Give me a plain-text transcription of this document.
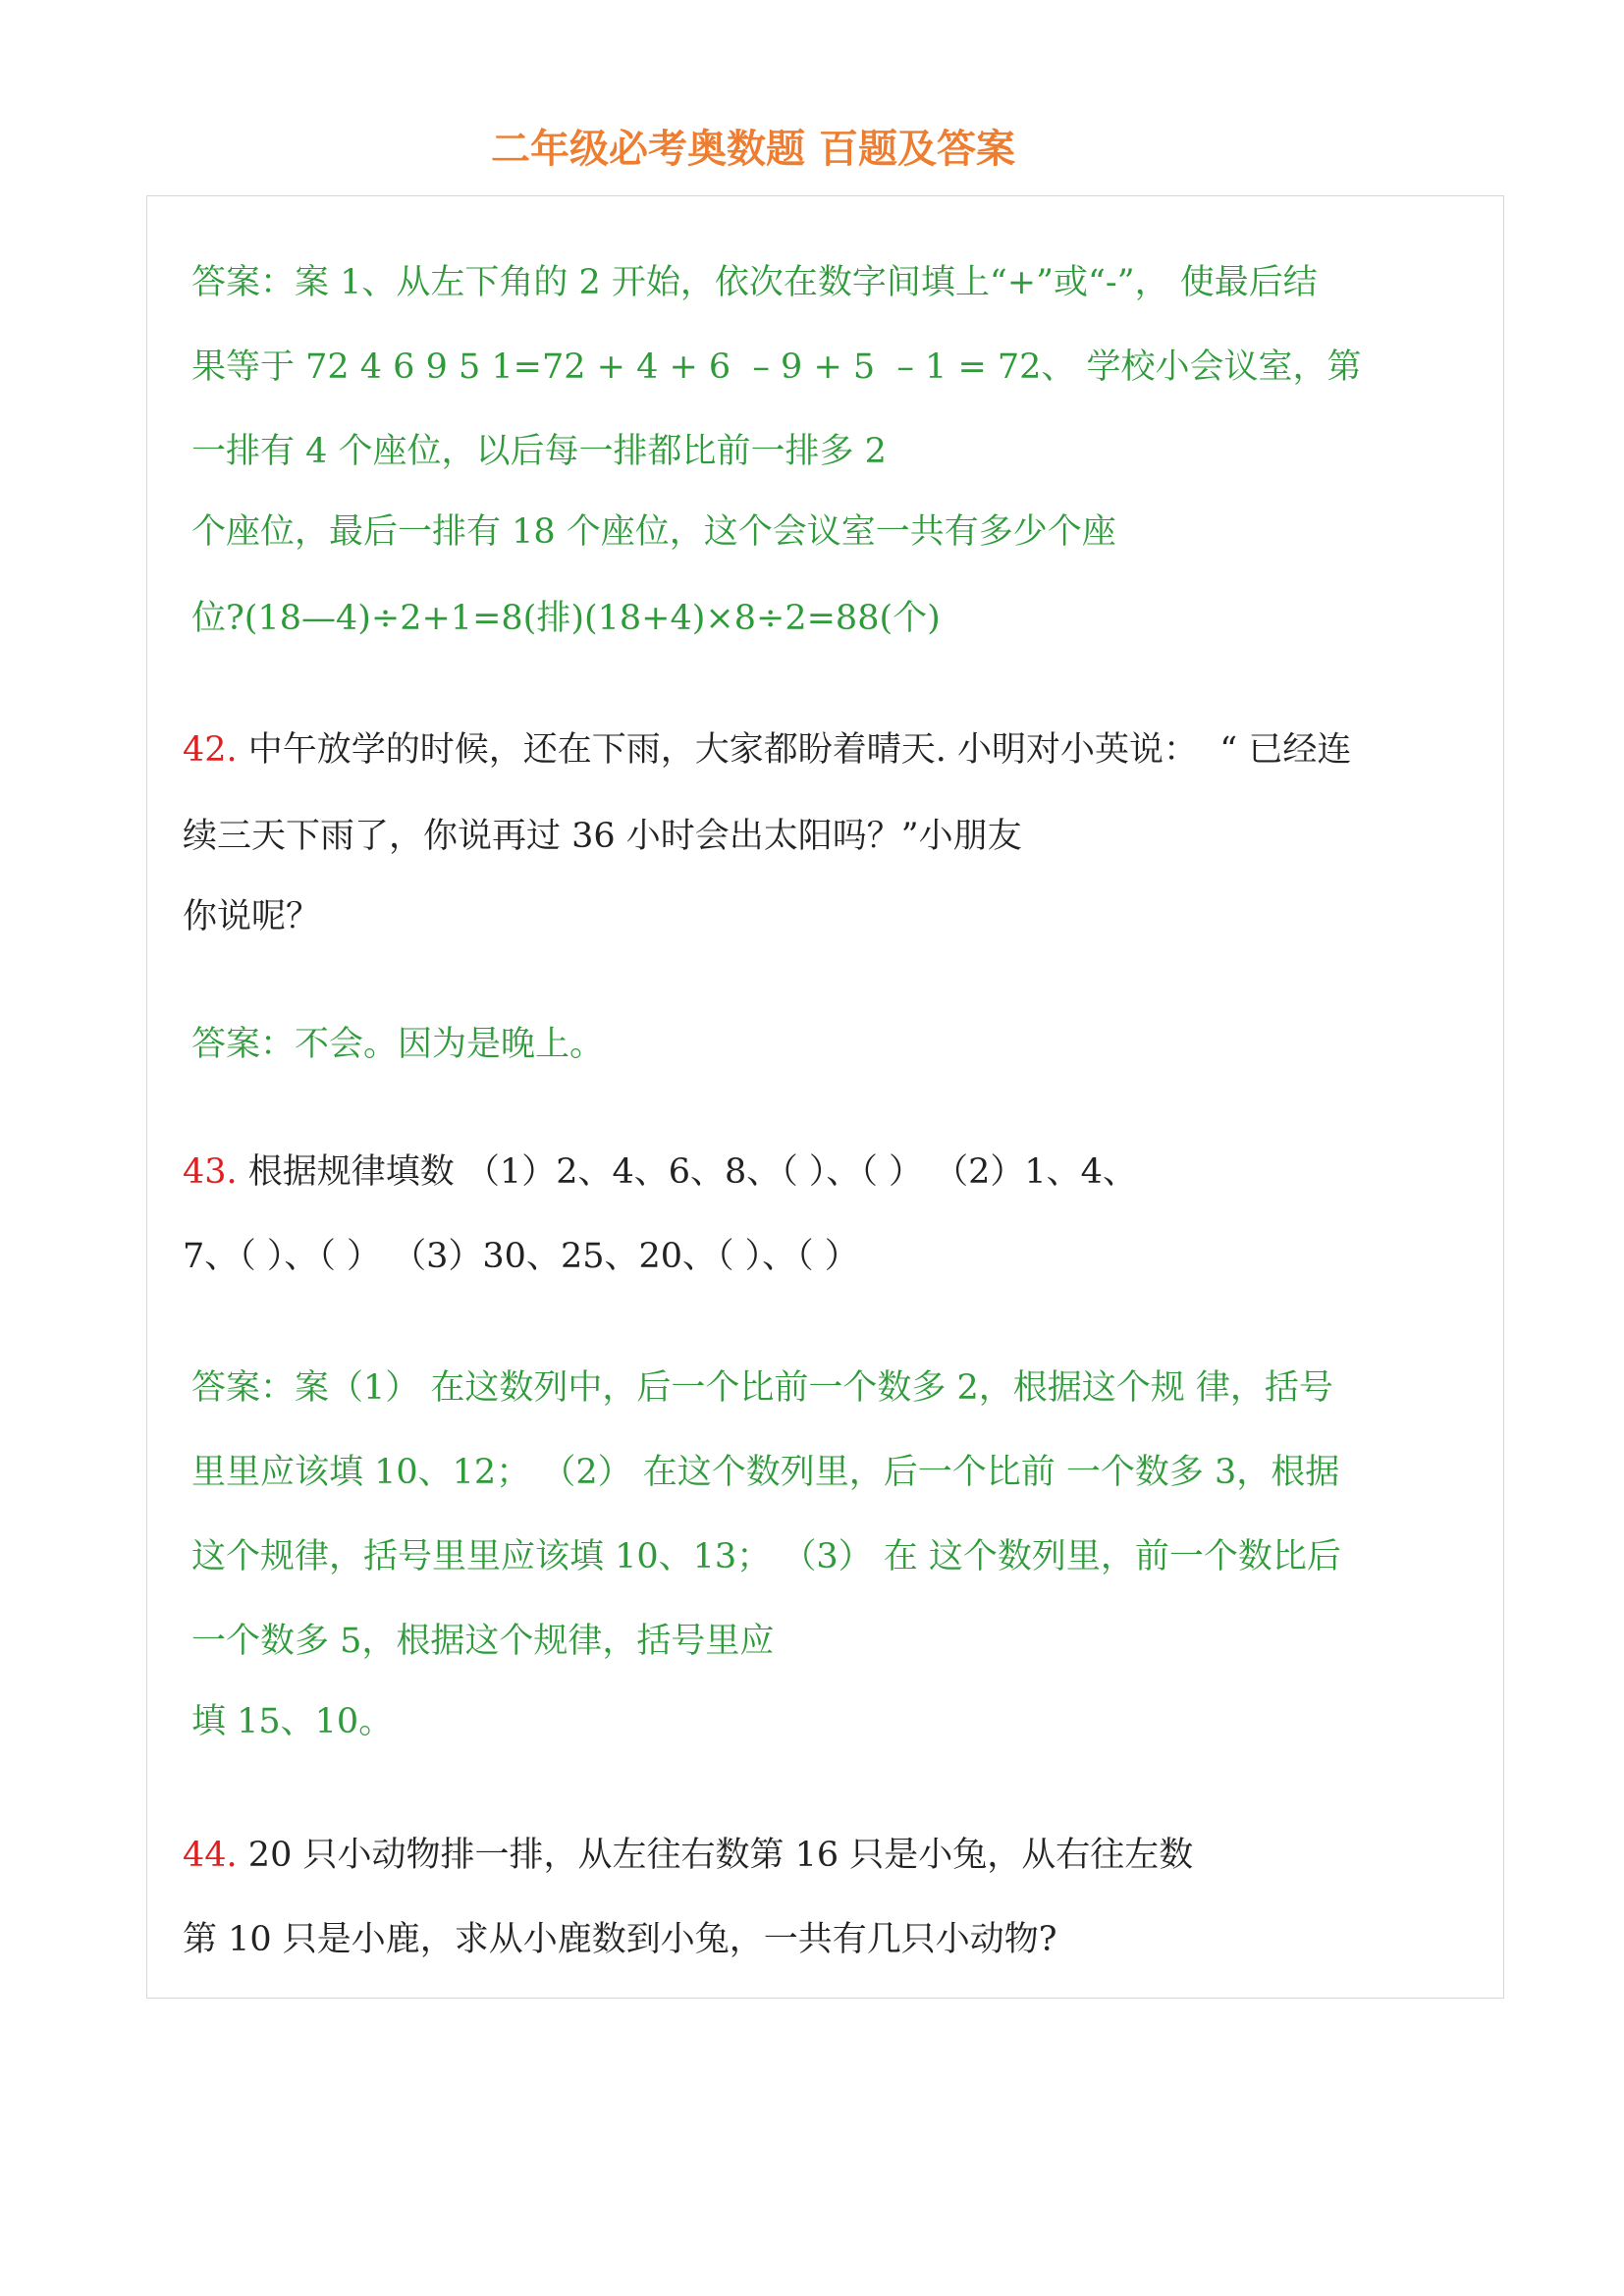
二年级必考奥数题 百题及答案

答案：案 1、从左下角的 2 开始，依次在数字间填上“+”或“-”， 使最后结

果等于 72 4 6 9 5 1=72 + 4 + 6  – 9 + 5  – 1 = 72、 学校小会议室，第

一排有 4 个座位，以后每一排都比前一排多 2

个座位，最后一排有 18 个座位，这个会议室一共有多少个座

位?(18—4)÷2+1=8(排)(18+4)×8÷2=88(个)

42. 中午放学的时候，还在下雨，大家都盼着晴天. 小明对小英说：  “ 已经连

续三天下雨了，你说再过 36 小时会出太阳吗？”小朋友

你说呢？

答案：不会。因为是晚上。

43. 根据规律填数 （1）2、4、6、8、（ ）、（ ） （2）1、4、

7、（ ）、（ ） （3）30、25、20、（ ）、（ ）

答案：案（1） 在这数列中，后一个比前一个数多 2，根据这个规 律，括号

里里应该填 10、12； （2） 在这个数列里，后一个比前 一个数多 3，根据

这个规律，括号里里应该填 10、13； （3） 在 这个数列里，前一个数比后

一个数多 5，根据这个规律，括号里应

填 15、10。

44. 20 只小动物排一排，从左往右数第 16 只是小兔，从右往左数

第 10 只是小鹿，求从小鹿数到小兔，一共有几只小动物?
